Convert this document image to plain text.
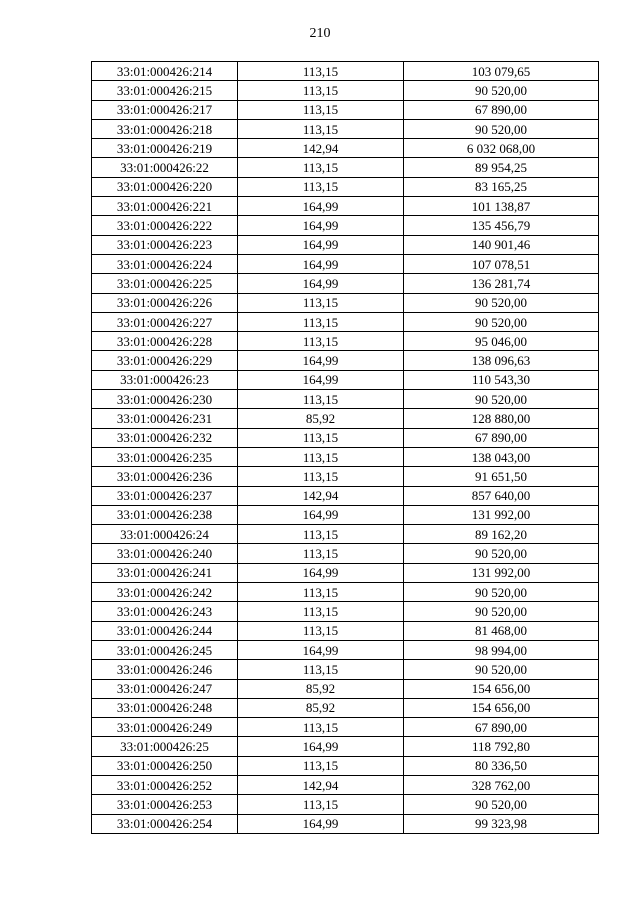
210
33:01:000426:214	113,15	103 079,65
33:01:000426:215	113,15	90 520,00
33:01:000426:217	113,15	67 890,00
33:01:000426:218	113,15	90 520,00
33:01:000426:219	142,94	6 032 068,00
33:01:000426:22	113,15	89 954,25
33:01:000426:220	113,15	83 165,25
33:01:000426:221	164,99	101 138,87
33:01:000426:222	164,99	135 456,79
33:01:000426:223	164,99	140 901,46
33:01:000426:224	164,99	107 078,51
33:01:000426:225	164,99	136 281,74
33:01:000426:226	113,15	90 520,00
33:01:000426:227	113,15	90 520,00
33:01:000426:228	113,15	95 046,00
33:01:000426:229	164,99	138 096,63
33:01:000426:23	164,99	110 543,30
33:01:000426:230	113,15	90 520,00
33:01:000426:231	85,92	128 880,00
33:01:000426:232	113,15	67 890,00
33:01:000426:235	113,15	138 043,00
33:01:000426:236	113,15	91 651,50
33:01:000426:237	142,94	857 640,00
33:01:000426:238	164,99	131 992,00
33:01:000426:24	113,15	89 162,20
33:01:000426:240	113,15	90 520,00
33:01:000426:241	164,99	131 992,00
33:01:000426:242	113,15	90 520,00
33:01:000426:243	113,15	90 520,00
33:01:000426:244	113,15	81 468,00
33:01:000426:245	164,99	98 994,00
33:01:000426:246	113,15	90 520,00
33:01:000426:247	85,92	154 656,00
33:01:000426:248	85,92	154 656,00
33:01:000426:249	113,15	67 890,00
33:01:000426:25	164,99	118 792,80
33:01:000426:250	113,15	80 336,50
33:01:000426:252	142,94	328 762,00
33:01:000426:253	113,15	90 520,00
33:01:000426:254	164,99	99 323,98
